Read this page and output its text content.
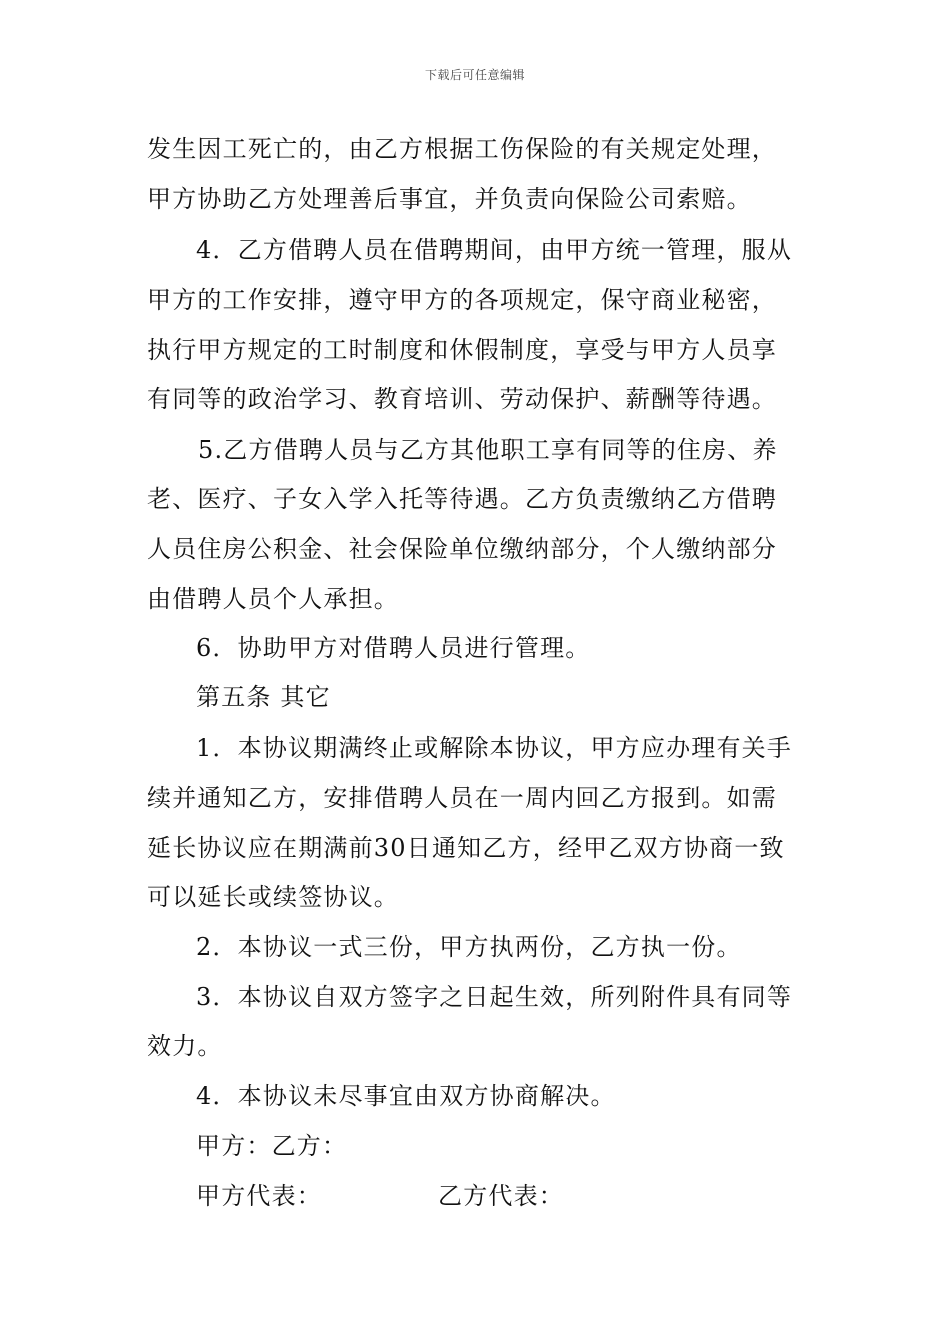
下载后可任意编辑
发生因工死亡的，由乙方根据工伤保险的有关规定处理，
甲方协助乙方处理善后事宜，并负责向保险公司索赔。
4．乙方借聘人员在借聘期间，由甲方统一管理，服从
甲方的工作安排，遵守甲方的各项规定，保守商业秘密，
执行甲方规定的工时制度和休假制度，享受与甲方人员享
有同等的政治学习、教育培训、劳动保护、薪酬等待遇。
5.乙方借聘人员与乙方其他职工享有同等的住房、养
老、医疗、子女入学入托等待遇。乙方负责缴纳乙方借聘
人员住房公积金、社会保险单位缴纳部分，个人缴纳部分
由借聘人员个人承担。
6．协助甲方对借聘人员进行管理。
第五条 其它
1．本协议期满终止或解除本协议，甲方应办理有关手
续并通知乙方，安排借聘人员在一周内回乙方报到。如需
延长协议应在期满前30日通知乙方，经甲乙双方协商一致
可以延长或续签协议。
2．本协议一式三份，甲方执两份，乙方执一份。
3．本协议自双方签字之日起生效，所列附件具有同等
效力。
4．本协议未尽事宜由双方协商解决。
甲方：乙方：
甲方代表：	乙方代表：
